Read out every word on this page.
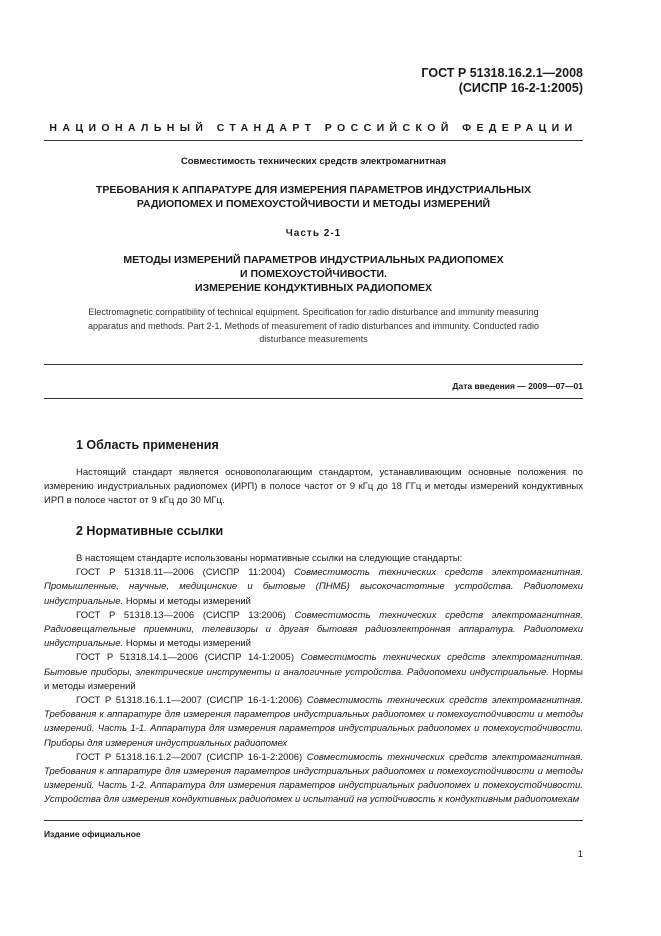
ГОСТ Р 51318.16.2.1—2008
(СИСПР 16-2-1:2005)
НАЦИОНАЛЬНЫЙ СТАНДАРТ РОССИЙСКОЙ ФЕДЕРАЦИИ
Совместимость технических средств электромагнитная
ТРЕБОВАНИЯ К АППАРАТУРЕ ДЛЯ ИЗМЕРЕНИЯ ПАРАМЕТРОВ ИНДУСТРИАЛЬНЫХ
РАДИОПОМЕХ И ПОМЕХОУСТОЙЧИВОСТИ И МЕТОДЫ ИЗМЕРЕНИЙ
Часть 2-1
МЕТОДЫ ИЗМЕРЕНИЙ ПАРАМЕТРОВ ИНДУСТРИАЛЬНЫХ РАДИОПОМЕХ
И ПОМЕХОУСТОЙЧИВОСТИ.
ИЗМЕРЕНИЕ КОНДУКТИВНЫХ РАДИОПОМЕХ
Electromagnetic compatibility of technical equipment. Specification for radio disturbance and immunity measuring
apparatus and methods. Part 2-1. Methods of measurement of radio disturbances and immunity. Conducted radio
disturbance measurements
Дата введения — 2009—07—01
1 Область применения
Настоящий стандарт является основополагающим стандартом, устанавливающим основные положения по измерению индустриальных радиопомех (ИРП) в полосе частот от 9 кГц до 18 ГГц и методы измерений кондуктивных ИРП в полосе частот от 9 кГц до 30 МГц.
2 Нормативные ссылки

В настоящем стандарте использованы нормативные ссылки на следующие стандарты:

ГОСТ Р 51318.11—2006 (СИСПР 11:2004) Совместимость технических средств электромагнитная. Промышленные, научные, медицинские и бытовые (ПНМБ) высокочастотные устройства. Радиопомехи индустриальные. Нормы и методы измерений

ГОСТ Р 51318.13—2006 (СИСПР 13:2006) Совместимость технических средств электромагнитная. Радиовещательные приемники, телевизоры и другая бытовая радиоэлектронная аппаратура. Радиопомехи индустриальные. Нормы и методы измерений

ГОСТ Р 51318.14.1—2006 (СИСПР 14-1:2005) Совместимость технических средств электромагнитная. Бытовые приборы, электрические инструменты и аналогичные устройства. Радиопомехи индустриальные. Нормы и методы измерений

ГОСТ Р 51318.16.1.1—2007 (СИСПР 16-1-1:2006) Совместимость технических средств электромагнитная. Требования к аппаратуре для измерения параметров индустриальных радиопомех и помехоустойчивости и методы измерений. Часть 1-1. Аппаратура для измерения параметров индустриальных радиопомех и помехоустойчивости. Приборы для измерения индустриальных радиопомех

ГОСТ Р 51318.16.1.2—2007 (СИСПР 16-1-2:2006) Совместимость технических средств электромагнитная. Требования к аппаратуре для измерения параметров индустриальных радиопомех и помехоустойчивости и методы измерений. Часть 1-2. Аппаратура для измерения параметров индустриальных радиопомех и помехоустойчивости. Устройства для измерения кондуктивных радиопомех и испытаний на устойчивость к кондуктивным радиопомехам

Издание официальное
1
